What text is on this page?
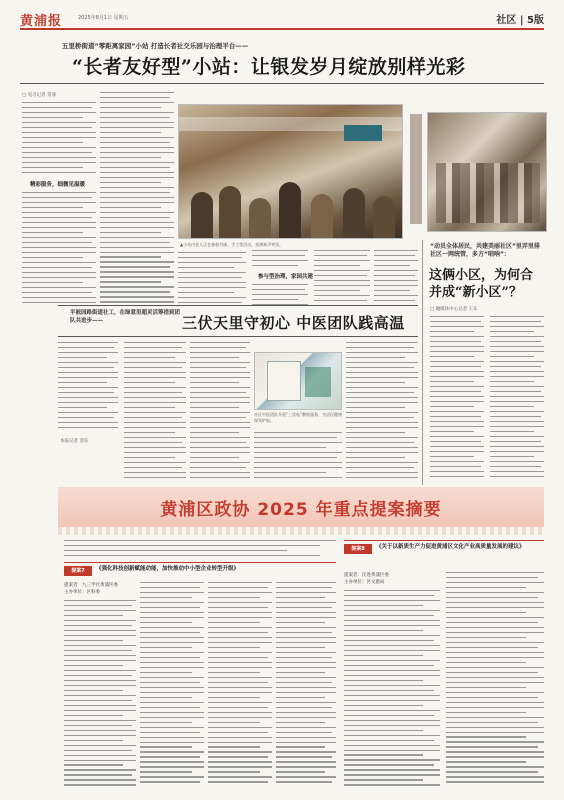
黄浦报	2025年8月1日 星期五	社区 | 5版
五里桥街道“零距离家园”小站 打造长者社交乐园与治理平台——
“长者友好型”小站：让银发岁月绽放别样光彩
□ 见习记者 常睿
精彩服务，细微见温暖
▲小站内老人正在参加书画、手工等活动，充满欢声笑语。
参与型治理，家园共建
“动员全体居民，共建美丽社区”里弄里排社区一网统管，多方“唱响”：
这俩小区，为何合并成“新小区”？
□ 融媒体中心记者 王东
半淞园路街道社工，在绿意里超灵活筹措到团队共进步——	三伏天里守初心 中医团队践高温
本报记者 金钰
社区中医团队开展“三伏贴”敷贴服务，为居民健康保驾护航。
黄浦区政协 2025 年重点提案摘要
提案7	《强化科技创新赋能动能，加快推动中小型企业转型升级》
提案者：九三学社黄浦区委
主办单位：区科委
提案8	《关于以新质生产力促进黄浦区文化产业高质量发展的建议》
提案者：民进黄浦区委
主办单位：区文旅局
